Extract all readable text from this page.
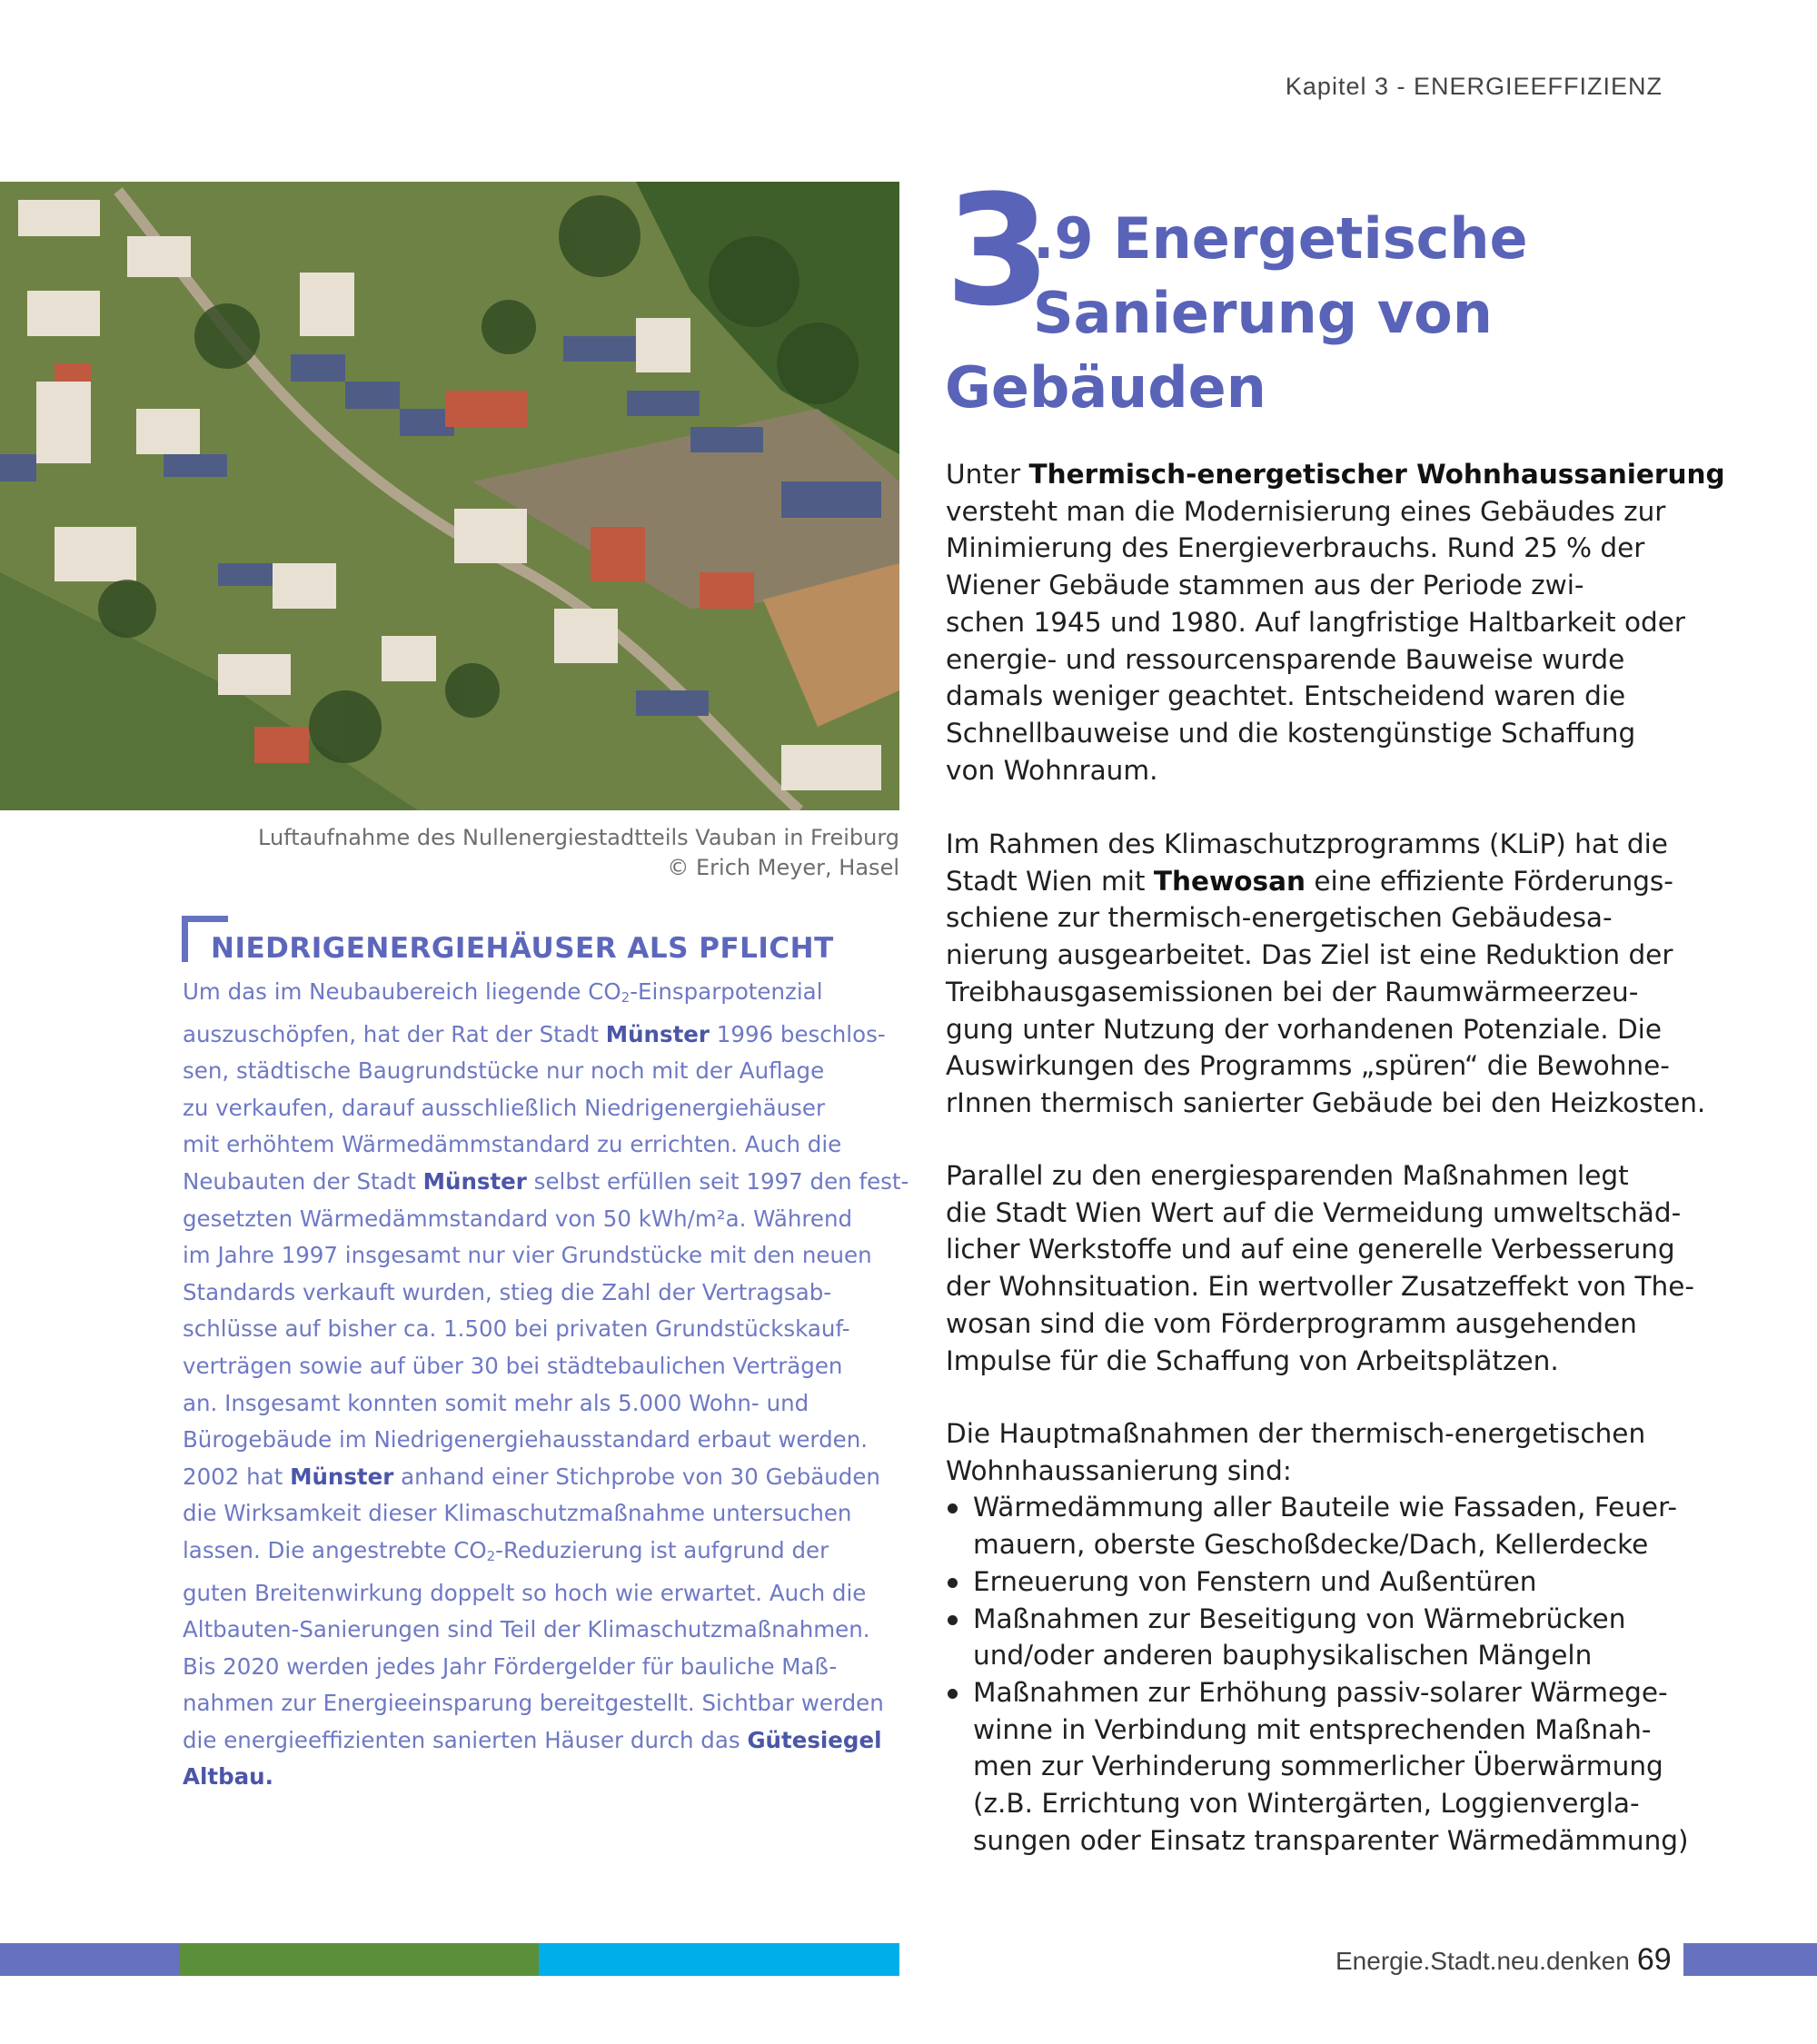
Kapitel 3 - ENERGIEEFFIZIENZ
Luftaufnahme des Nullenergiestadtteils Vauban in Freiburg
© Erich Meyer, Hasel
NIEDRIGENERGIEHÄUSER ALS PFLICHT
Um das im Neubaubereich liegende $CO_2$-Einsparpotenzial
auszuschöpfen, hat der Rat der Stadt Münster 1996 beschlos-
sen, städtische Baugrundstücke nur noch mit der Auflage
zu verkaufen, darauf ausschließlich Niedrigenergiehäuser
mit erhöhtem Wärmedämmstandard zu errichten. Auch die
Neubauten der Stadt Münster selbst erfüllen seit 1997 den fest-
gesetzten Wärmedämmstandard von 50 kWh/m²a. Während
im Jahre 1997 insgesamt nur vier Grundstücke mit den neuen
Standards verkauft wurden, stieg die Zahl der Vertragsab-
schlüsse auf bisher ca. 1.500 bei privaten Grundstückskauf-
verträgen sowie auf über 30 bei städtebaulichen Verträgen
an. Insgesamt konnten somit mehr als 5.000 Wohn- und
Bürogebäude im Niedrigenergiehausstandard erbaut werden.
2002 hat Münster anhand einer Stichprobe von 30 Gebäuden
die Wirksamkeit dieser Klimaschutzmaßnahme untersuchen
lassen. Die angestrebte $CO_2$-Reduzierung ist aufgrund der
guten Breitenwirkung doppelt so hoch wie erwartet. Auch die
Altbauten-Sanierungen sind Teil der Klimaschutzmaßnahmen.
Bis 2020 werden jedes Jahr Fördergelder für bauliche Maß-
nahmen zur Energieeinsparung bereitgestellt. Sichtbar werden
die energieeffizienten sanierten Häuser durch das Gütesiegel
Altbau.
3
.9 Energetische
Sanierung von
Gebäuden
Unter Thermisch-energetischer Wohnhaussanierung
versteht man die Modernisierung eines Gebäudes zur
Minimierung des Energieverbrauchs. Rund 25 % der
Wiener Gebäude stammen aus der Periode zwi-
schen 1945 und 1980. Auf langfristige Haltbarkeit oder
energie- und ressourcensparende Bauweise wurde
damals weniger geachtet. Entscheidend waren die
Schnellbauweise und die kostengünstige Schaffung
von Wohnraum.
Im Rahmen des Klimaschutzprogramms (KLiP) hat die
Stadt Wien mit Thewosan eine effiziente Förderungs-
schiene zur thermisch-energetischen Gebäudesa-
nierung ausgearbeitet. Das Ziel ist eine Reduktion der
Treibhausgasemissionen bei der Raumwärmeerzeu-
gung unter Nutzung der vorhandenen Potenziale. Die
Auswirkungen des Programms „spüren“ die Bewohne-
rInnen thermisch sanierter Gebäude bei den Heizkosten.
Parallel zu den energiesparenden Maßnahmen legt
die Stadt Wien Wert auf die Vermeidung umweltschäd-
licher Werkstoffe und auf eine generelle Verbesserung
der Wohnsituation. Ein wertvoller Zusatzeffekt von The-
wosan sind die vom Förderprogramm ausgehenden
Impulse für die Schaffung von Arbeitsplätzen.
Die Hauptmaßnahmen der thermisch-energetischen
Wohnhaussanierung sind:
Wärmedämmung aller Bauteile wie Fassaden, Feuer-
mauern, oberste Geschoßdecke/Dach, Kellerdecke
Erneuerung von Fenstern und Außentüren
Maßnahmen zur Beseitigung von Wärmebrücken
und/oder anderen bauphysikalischen Mängeln
Maßnahmen zur Erhöhung passiv-solarer Wärmege-
winne in Verbindung mit entsprechenden Maßnah-
men zur Verhinderung sommerlicher Überwärmung
(z.B. Errichtung von Wintergärten, Loggienvergla-
sungen oder Einsatz transparenter Wärmedämmung)
Energie.Stadt.neu.denken 69
